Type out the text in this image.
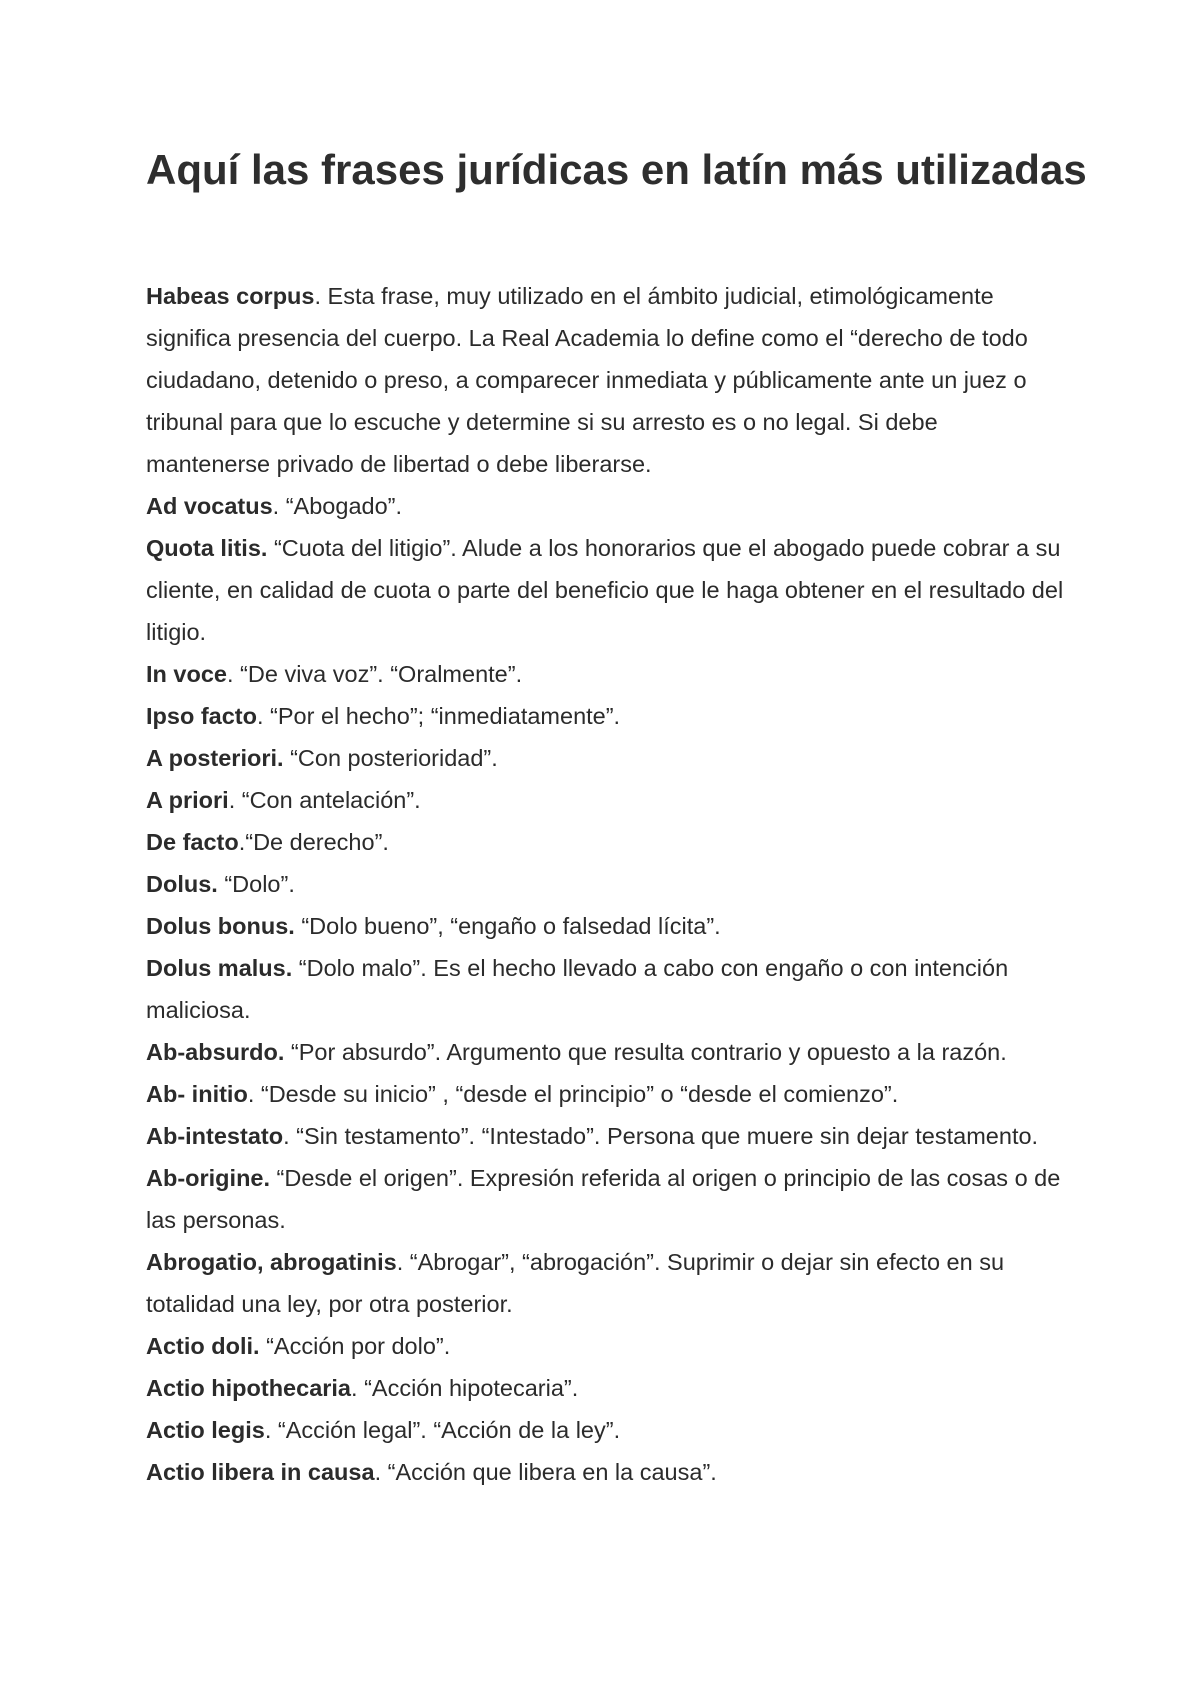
Aquí las frases jurídicas en latín más utilizadas

Habeas corpus. Esta frase, muy utilizado en el ámbito judicial, etimológicamente significa presencia del cuerpo. La Real Academia lo define como el “derecho de todo ciudadano, detenido o preso, a comparecer inmediata y públicamente ante un juez o tribunal para que lo escuche y determine si su arresto es o no legal. Si debe mantenerse privado de libertad o debe liberarse.

Ad vocatus. “Abogado”.

Quota litis. “Cuota del litigio”. Alude a los honorarios que el abogado puede cobrar a su cliente, en calidad de cuota o parte del beneficio que le haga obtener en el resultado del litigio.

In voce. “De viva voz”. “Oralmente”.

Ipso facto. “Por el hecho”; “inmediatamente”.

A posteriori. “Con posterioridad”.

A priori. “Con antelación”.

De facto.“De derecho”.

Dolus. “Dolo”.

Dolus bonus. “Dolo bueno”, “engaño o falsedad lícita”.

Dolus malus. “Dolo malo”. Es el hecho llevado a cabo con engaño o con intención maliciosa.

Ab-absurdo. “Por absurdo”. Argumento que resulta contrario y opuesto a la razón.

Ab- initio. “Desde su inicio” , “desde el principio” o “desde el comienzo”.

Ab-intestato. “Sin testamento”. “Intestado”. Persona que muere sin dejar testamento.

Ab-origine. “Desde el origen”. Expresión referida al origen o principio de las cosas o de las personas.

Abrogatio, abrogatinis. “Abrogar”, “abrogación”. Suprimir o dejar sin efecto en su totalidad una ley, por otra posterior.

Actio doli. “Acción por dolo”.

Actio hipothecaria. “Acción hipotecaria”.

Actio legis. “Acción legal”. “Acción de la ley”.

Actio libera in causa. “Acción que libera en la causa”.
